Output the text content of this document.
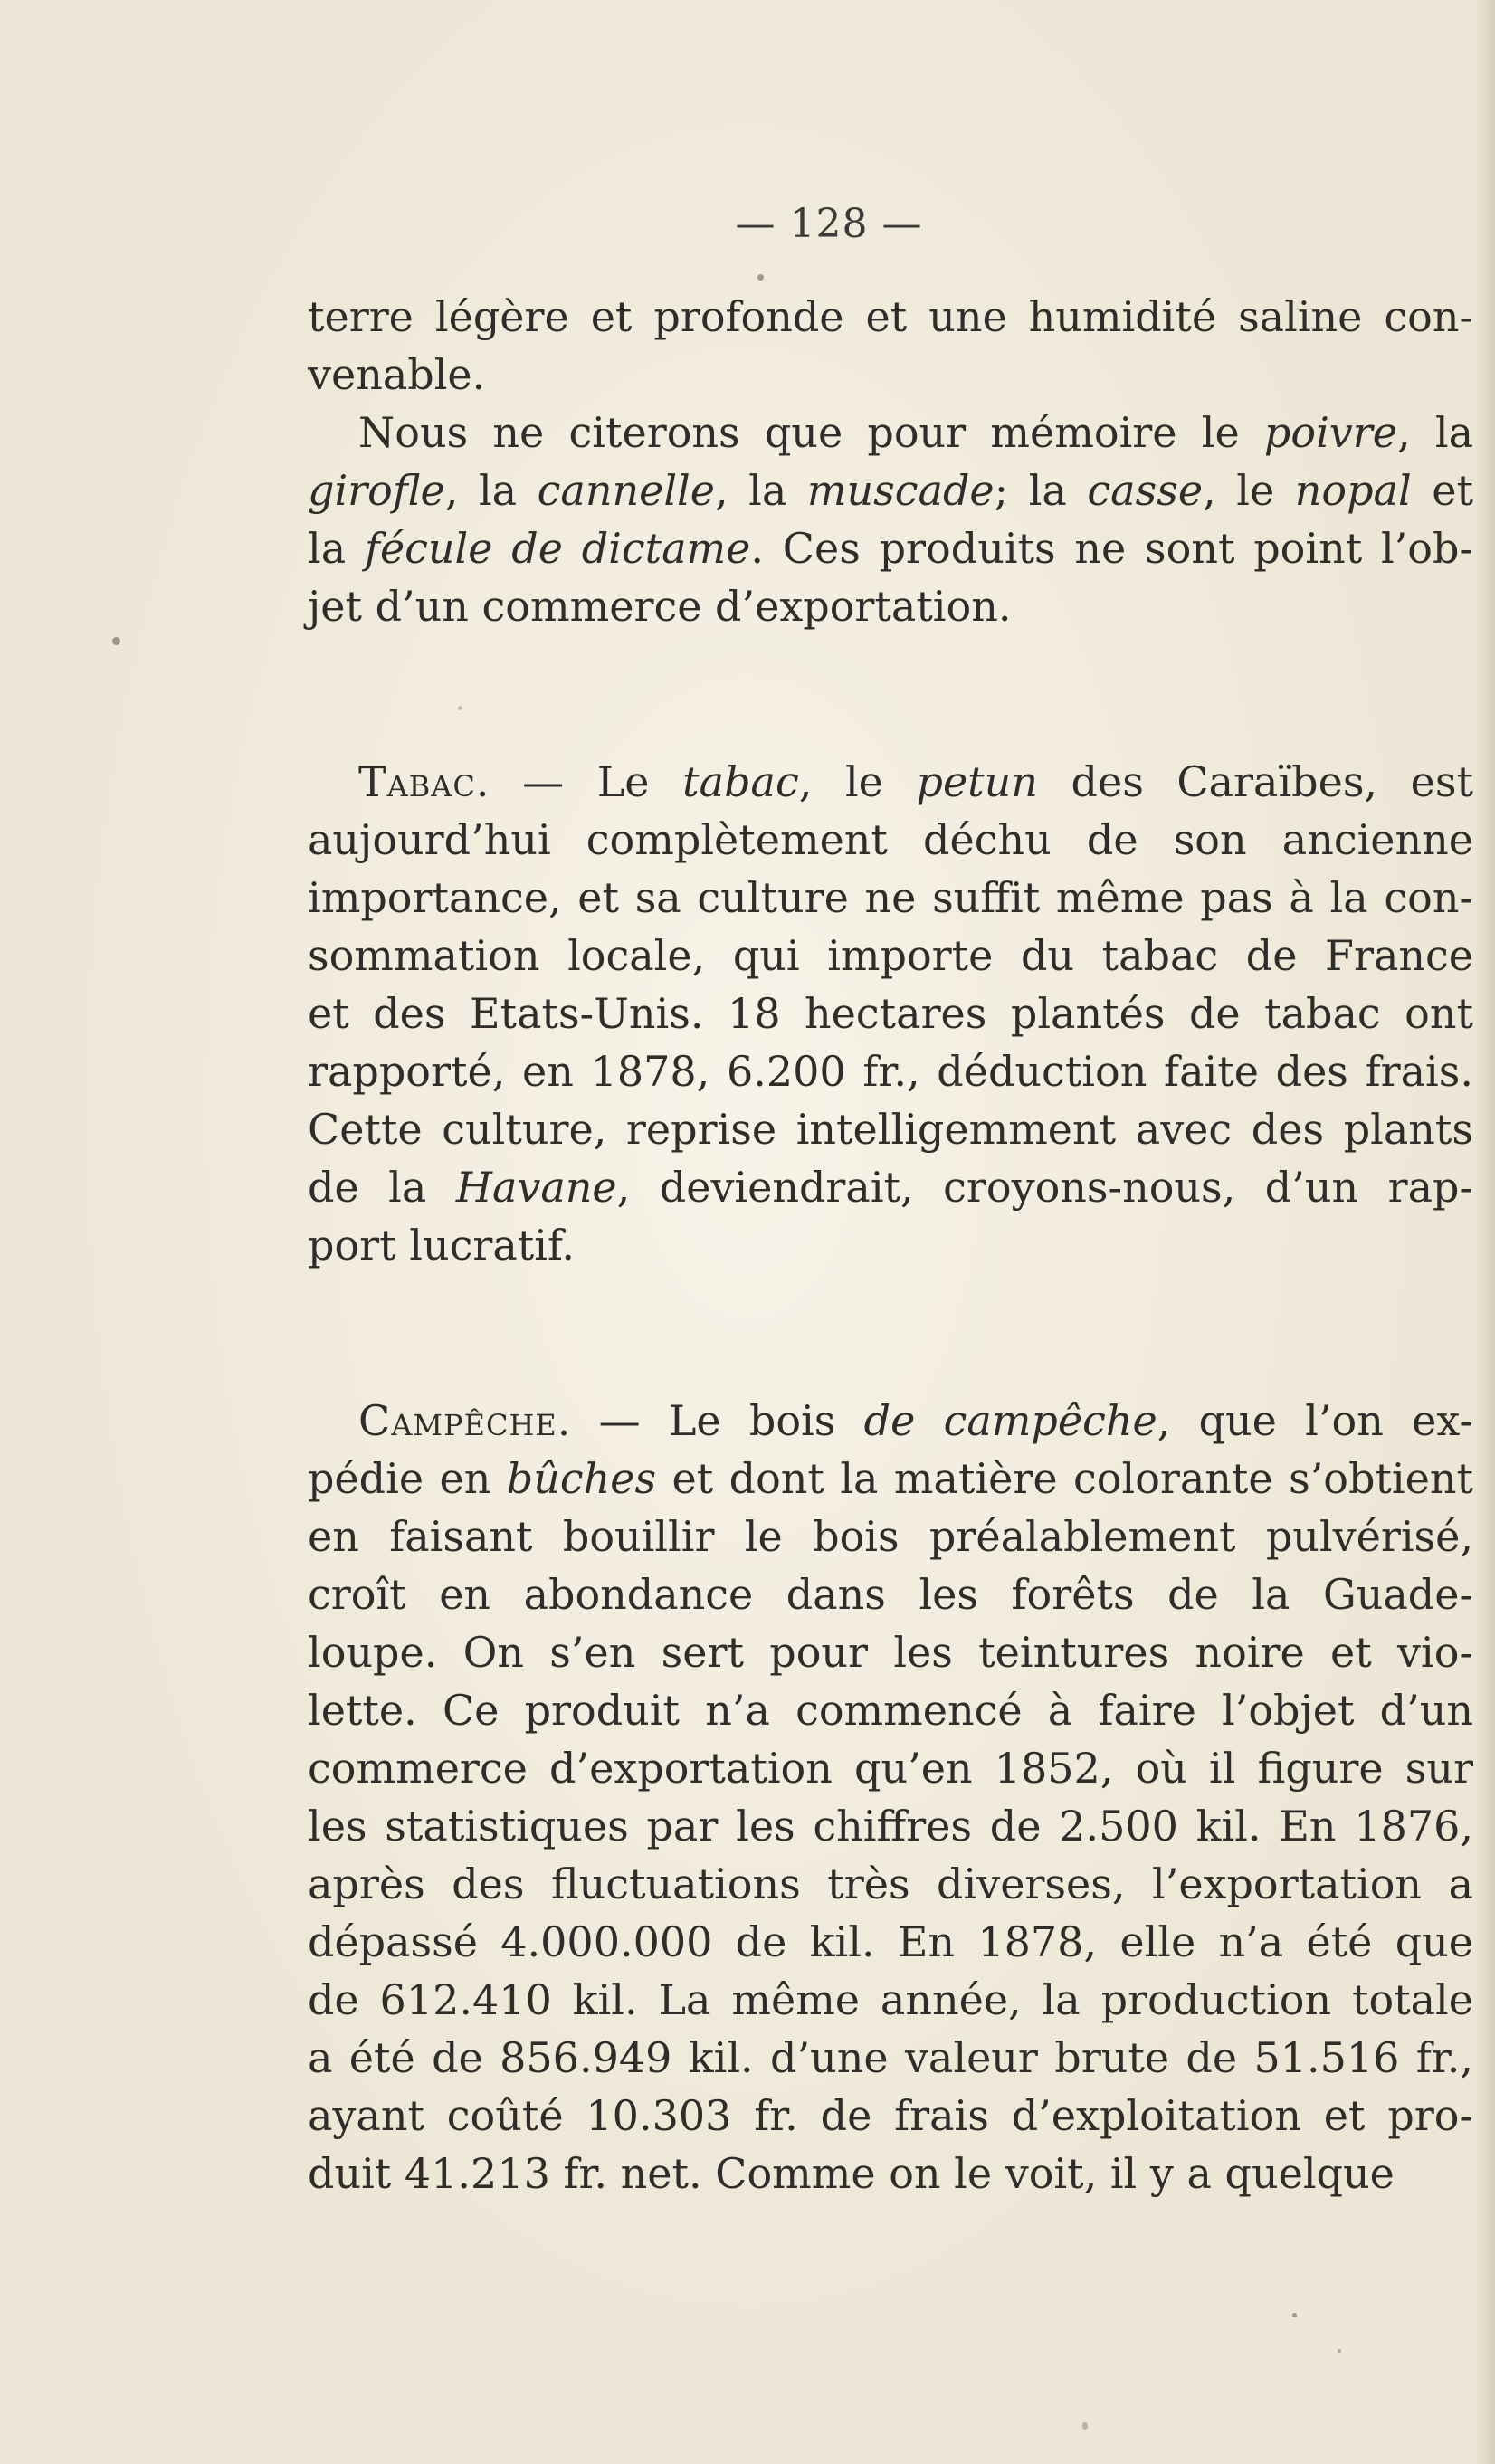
— 128 —
terre légère et profonde et une humidité saline con-
venable.
Nous ne citerons que pour mémoire le poivre, la
girofle, la cannelle, la muscade; la casse, le nopal et
la fécule de dictame. Ces produits ne sont point l’ob-
jet d’un commerce d’exportation.
Tabac. — Le tabac, le petun des Caraïbes, est
aujourd’hui complètement déchu de son ancienne
importance, et sa culture ne suffit même pas à la con-
sommation locale, qui importe du tabac de France
et des Etats-Unis. 18 hectares plantés de tabac ont
rapporté, en 1878, 6.200 fr., déduction faite des frais.
Cette culture, reprise intelligemment avec des plants
de la Havane, deviendrait, croyons-nous, d’un rap-
port lucratif.
Campêche. — Le bois de campêche, que l’on ex-
pédie en bûches et dont la matière colorante s’obtient
en faisant bouillir le bois préalablement pulvérisé,
croît en abondance dans les forêts de la Guade-
loupe. On s’en sert pour les teintures noire et vio-
lette. Ce produit n’a commencé à faire l’objet d’un
commerce d’exportation qu’en 1852, où il figure sur
les statistiques par les chiffres de 2.500 kil. En 1876,
après des fluctuations très diverses, l’exportation a
dépassé 4.000.000 de kil. En 1878, elle n’a été que
de 612.410 kil. La même année, la production totale
a été de 856.949 kil. d’une valeur brute de 51.516 fr.,
ayant coûté 10.303 fr. de frais d’exploitation et pro-
duit 41.213 fr. net. Comme on le voit, il y a quelque
